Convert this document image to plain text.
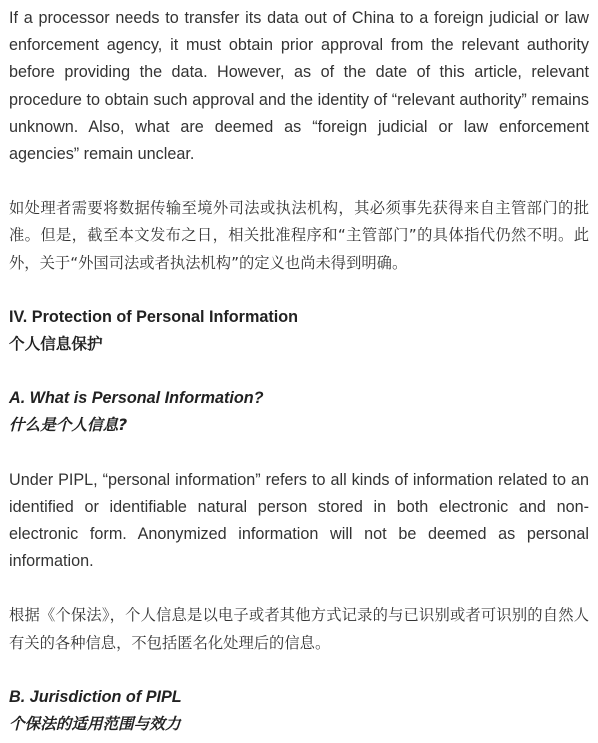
If a processor needs to transfer its data out of China to a foreign judicial or law enforcement agency, it must obtain prior approval from the relevant authority before providing the data. However, as of the date of this article, relevant procedure to obtain such approval and the identity of “relevant authority” remains unknown. Also, what are deemed as “foreign judicial or law enforcement agencies” remain unclear.

如处理者需要将数据传输至境外司法或执法机构，其必须事先获得来自主管部门的批准。但是，截至本文发布之日，相关批准程序和“主管部门”的具体指代仍然不明。此外，关于“外国司法或者执法机构”的定义也尚未得到明确。

IV. Protection of Personal Information
个人信息保护
A. What is Personal Information?
什么是个人信息?

Under PIPL, “personal information” refers to all kinds of information related to an identified or identifiable natural person stored in both electronic and non-electronic form. Anonymized information will not be deemed as personal information.

根据《个保法》，个人信息是以电子或者其他方式记录的与已识别或者可识别的自然人有关的各种信息，不包括匿名化处理后的信息。

B. Jurisdiction of PIPL
个保法的适用范围与效力
